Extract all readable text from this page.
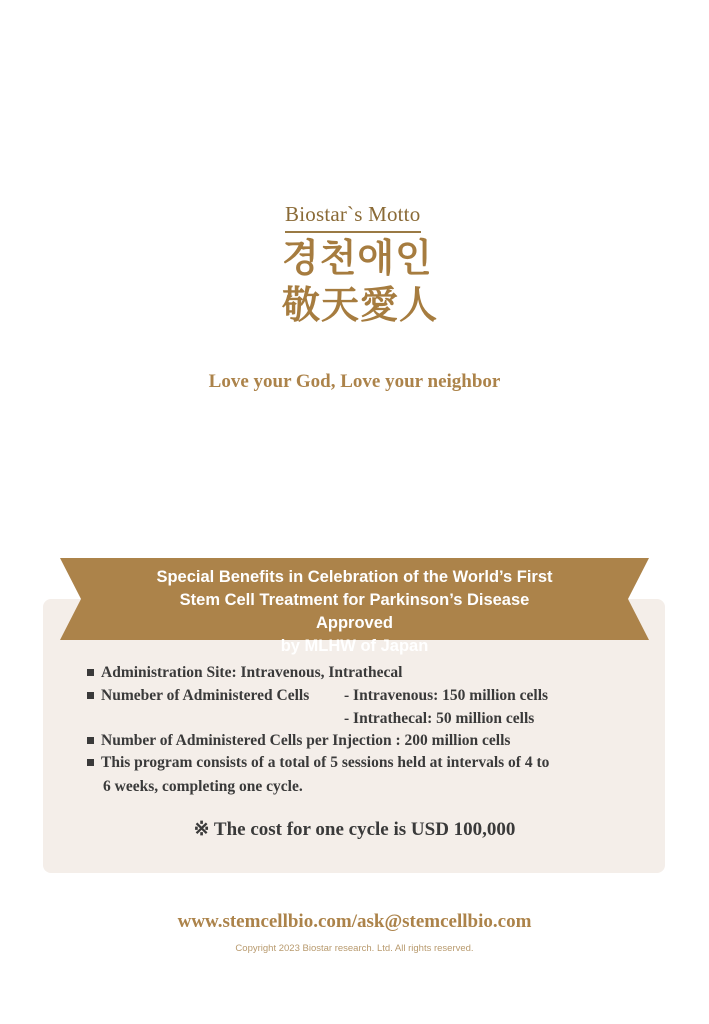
Biostar`s Motto
경천애인
敬天愛人
Love your God, Love your neighbor
Special Benefits in Celebration of the World’s First
Stem Cell Treatment for Parkinson’s Disease Approved
by MLHW of Japan
Administration Site: Intravenous, Intrathecal
Numeber of Administered Cells - Intravenous: 150 million cells
- Intrathecal: 50 million cells
Number of Administered Cells per Injection : 200 million cells
This program consists of a total of 5 sessions held at intervals of 4 to
6 weeks, completing one cycle.
※ The cost for one cycle is USD 100,000
www.stemcellbio.com/ask@stemcellbio.com
Copyright 2023 Biostar research. Ltd. All rights reserved.
